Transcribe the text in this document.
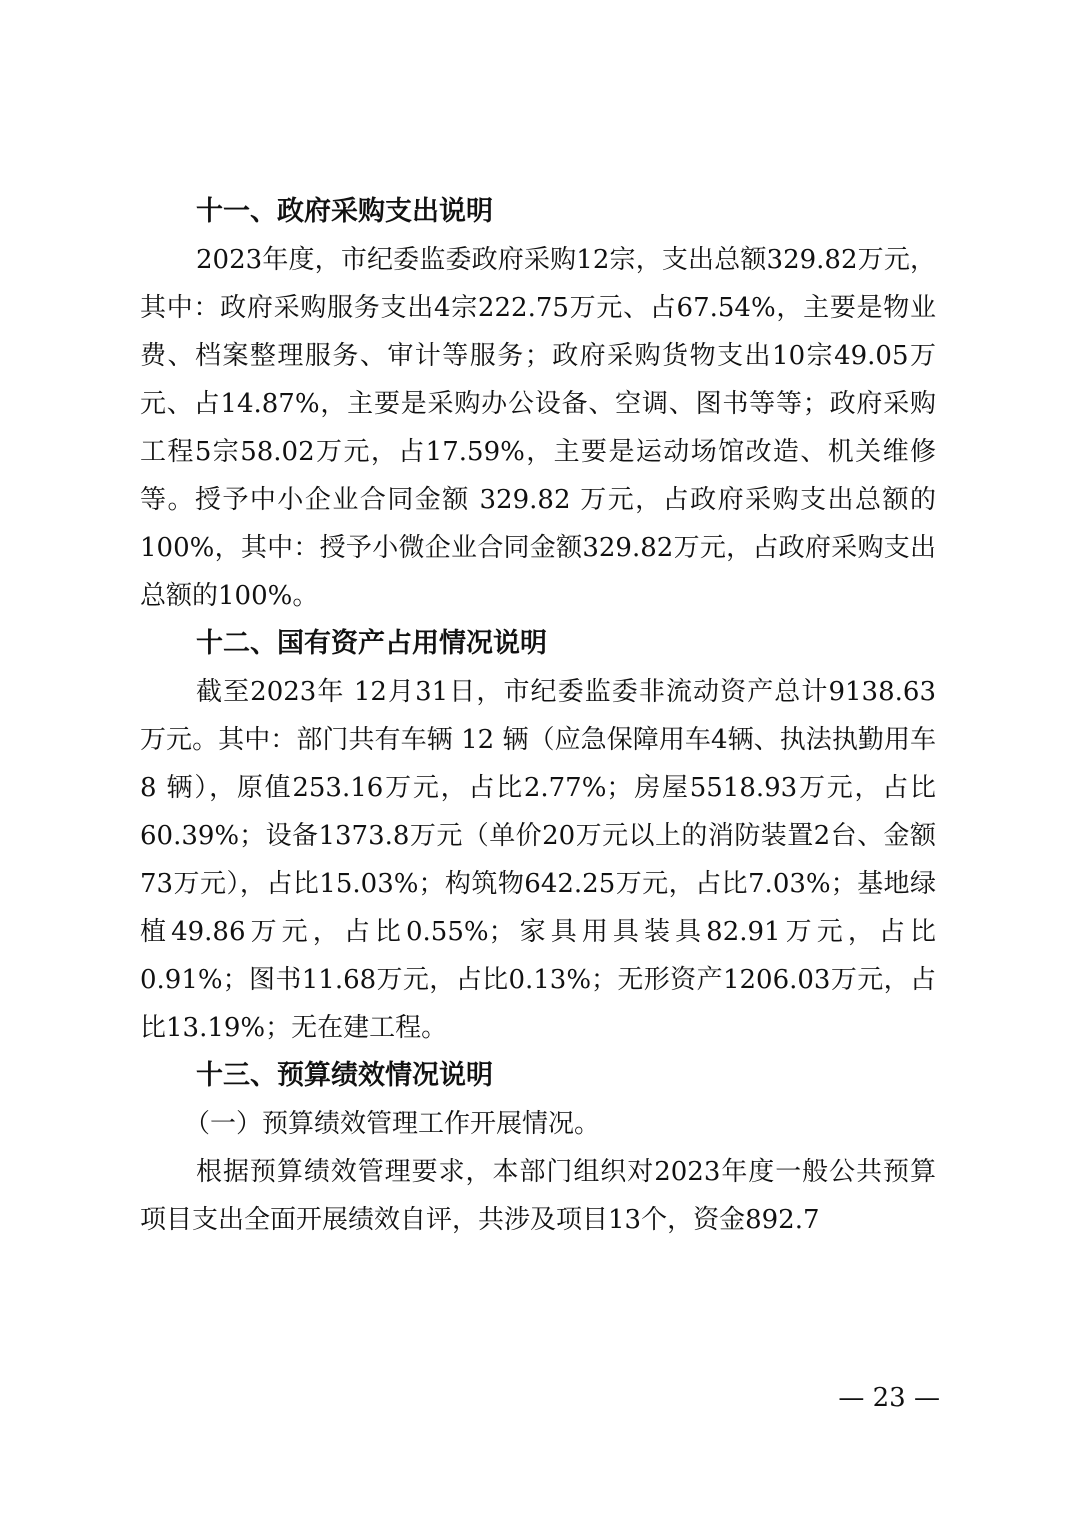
十一、政府采购支出说明
2023年度，市纪委监委政府采购12宗，支出总额329.82万元，其中：政府采购服务支出4宗222.75万元、占67.54%，主要是物业费、档案整理服务、审计等服务；政府采购货物支出10宗49.05万元、占14.87%，主要是采购办公设备、空调、图书等等；政府采购工程5宗58.02万元，占17.59%，主要是运动场馆改造、机关维修等。授予中小企业合同金额 329.82 万元，占政府采购支出总额的100%，其中：授予小微企业合同金额329.82万元，占政府采购支出总额的100%。
十二、国有资产占用情况说明
截至2023年 12月31日，市纪委监委非流动资产总计9138.63万元。其中：部门共有车辆 12 辆（应急保障用车4辆、执法执勤用车8 辆），原值253.16万元，占比2.77%；房屋5518.93万元，占比60.39%；设备1373.8万元（单价20万元以上的消防装置2台、金额73万元），占比15.03%；构筑物642.25万元，占比7.03%；基地绿植49.86万元，占比0.55%；家具用具装具82.91万元，占比0.91%；图书11.68万元，占比0.13%；无形资产1206.03万元，占比13.19%；无在建工程。
十三、预算绩效情况说明
（一）预算绩效管理工作开展情况。
根据预算绩效管理要求，本部门组织对2023年度一般公共预算项目支出全面开展绩效自评，共涉及项目13个，资金892.7
— 23 —
